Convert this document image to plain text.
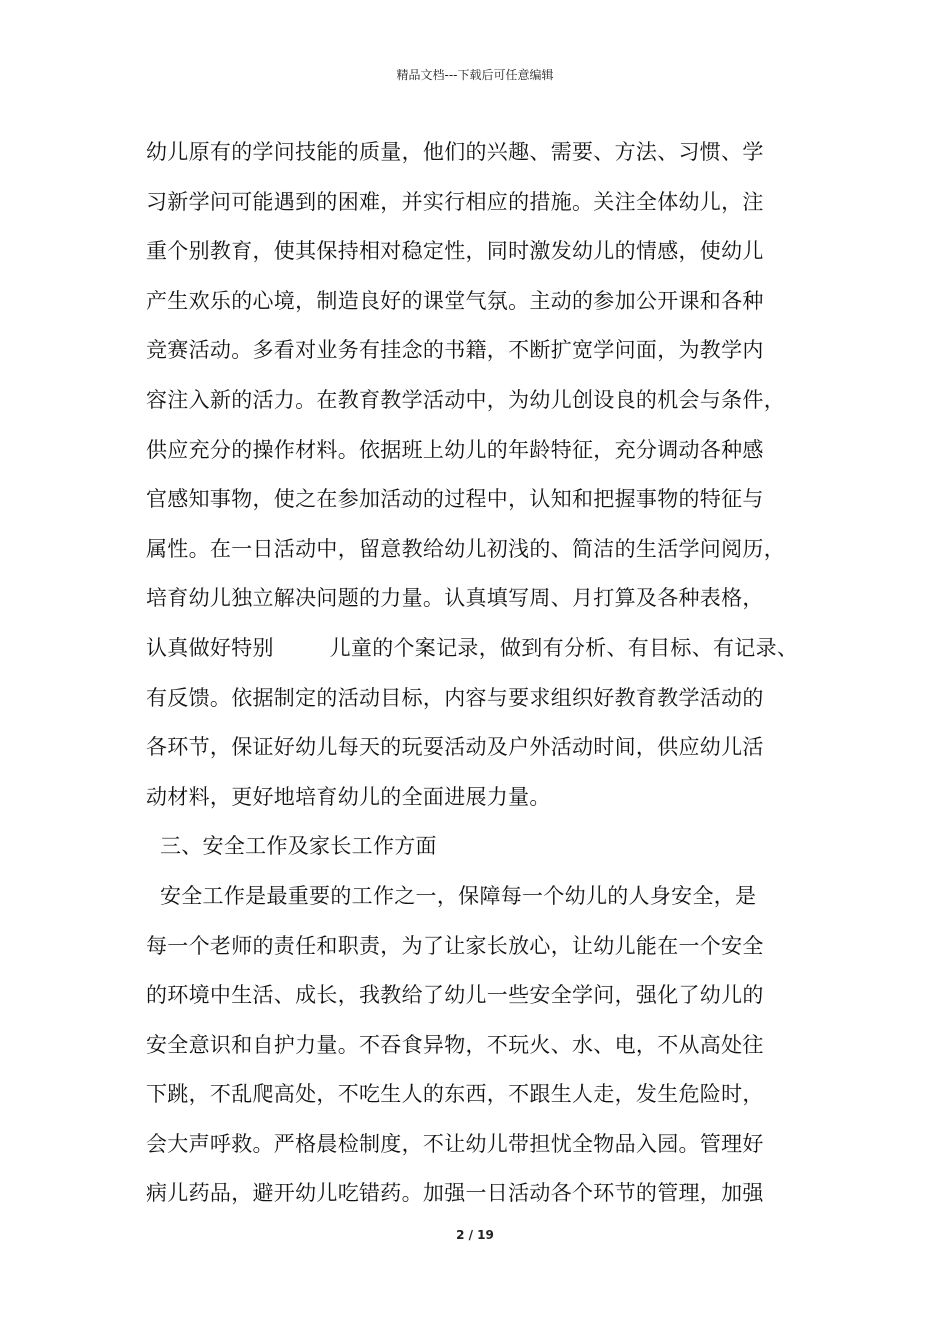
精品文档---下载后可任意编辑
幼儿原有的学问技能的质量，他们的兴趣、需要、方法、习惯、学
习新学问可能遇到的困难，并实行相应的措施。关注全体幼儿，注
重个别教育，使其保持相对稳定性，同时激发幼儿的情感，使幼儿
产生欢乐的心境，制造良好的课堂气氛。主动的参加公开课和各种
竞赛活动。多看对业务有挂念的书籍，不断扩宽学问面，为教学内
容注入新的活力。在教育教学活动中，为幼儿创设良的机会与条件，
供应充分的操作材料。依据班上幼儿的年龄特征，充分调动各种感
官感知事物，使之在参加活动的过程中，认知和把握事物的特征与
属性。在一日活动中，留意教给幼儿初浅的、简洁的生活学问阅历，
培育幼儿独立解决问题的力量。认真填写周、月打算及各种表格，
认真做好特别        儿童的个案记录，做到有分析、有目标、有记录、
有反馈。依据制定的活动目标，内容与要求组织好教育教学活动的
各环节，保证好幼儿每天的玩耍活动及户外活动时间，供应幼儿活
动材料，更好地培育幼儿的全面进展力量。
三、安全工作及家长工作方面
安全工作是最重要的工作之一，保障每一个幼儿的人身安全，是
每一个老师的责任和职责，为了让家长放心，让幼儿能在一个安全
的环境中生活、成长，我教给了幼儿一些安全学问，强化了幼儿的
安全意识和自护力量。不吞食异物，不玩火、水、电，不从高处往
下跳，不乱爬高处，不吃生人的东西，不跟生人走，发生危险时，
会大声呼救。严格晨检制度，不让幼儿带担忧全物品入园。管理好
病儿药品，避开幼儿吃错药。加强一日活动各个环节的管理，加强
2 / 19
